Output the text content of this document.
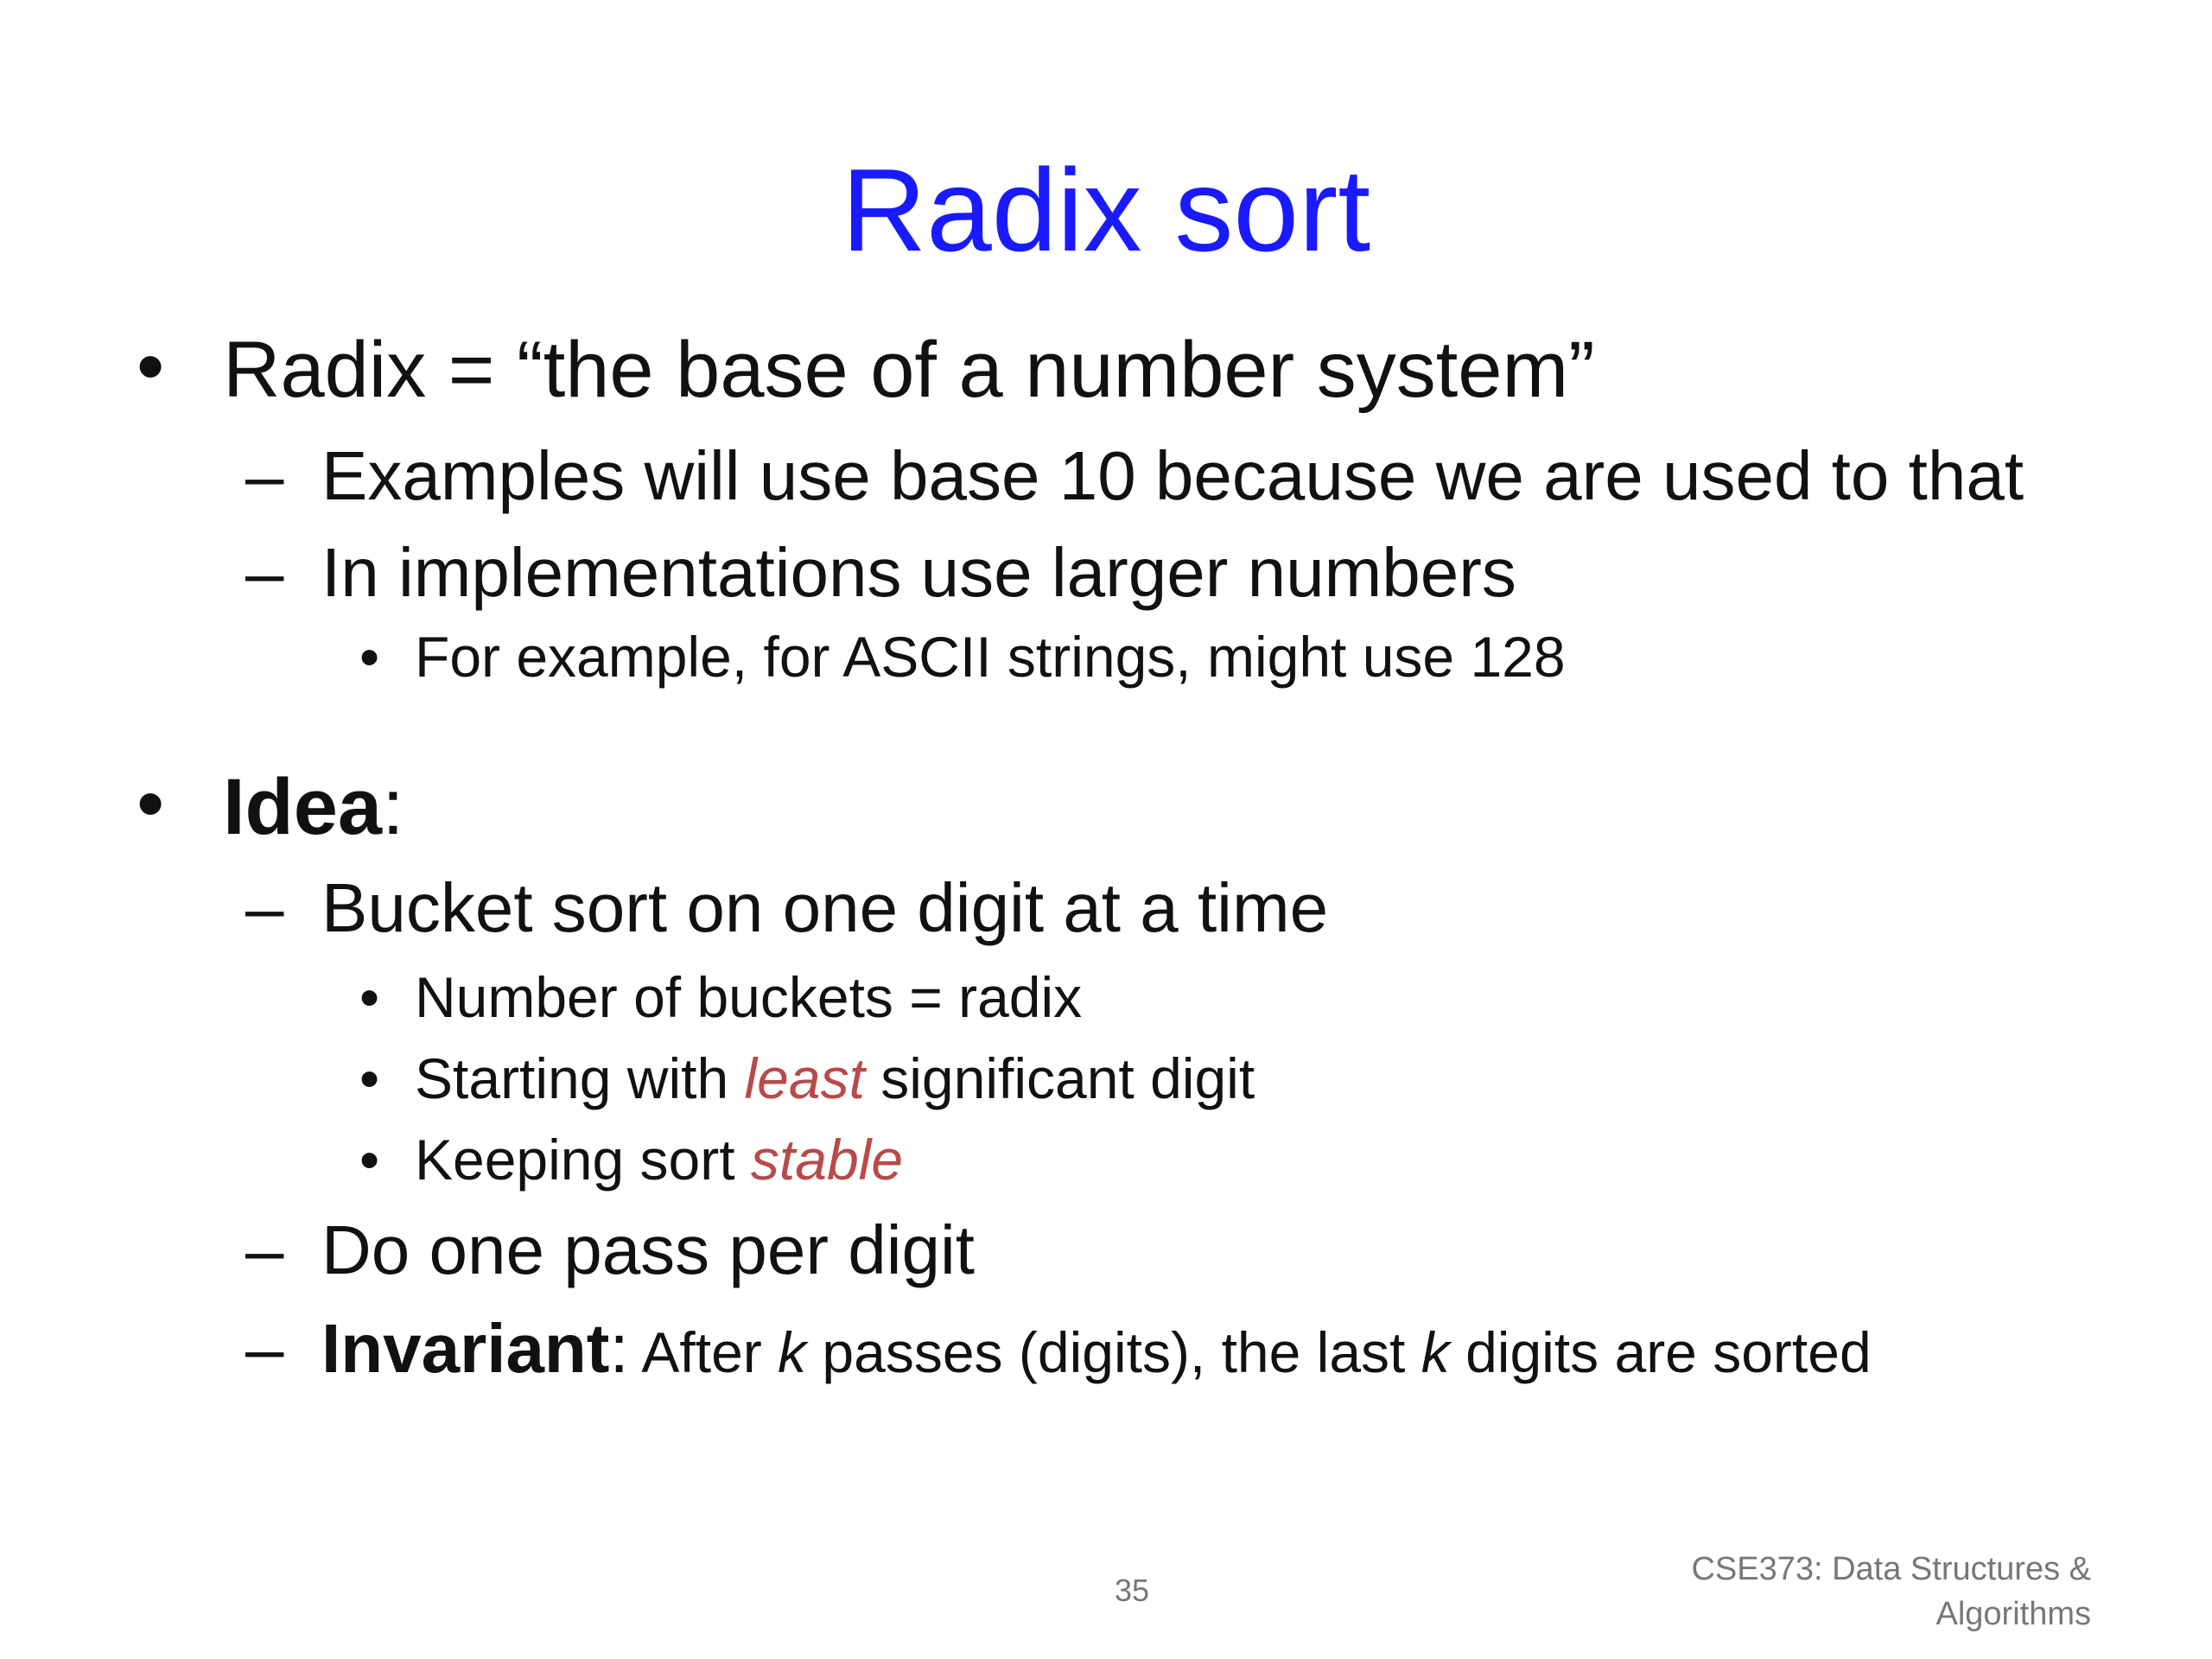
Radix sort
• Radix = “the base of a number system”
– Examples will use base 10 because we are used to that
– In implementations use larger numbers
• For example, for ASCII strings, might use 128
• Idea:
– Bucket sort on one digit at a time
• Number of buckets = radix
• Starting with least significant digit
• Keeping sort stable
– Do one pass per digit
– Invariant: After k passes (digits), the last k digits are sorted
35
CSE373: Data Structures &
Algorithms
